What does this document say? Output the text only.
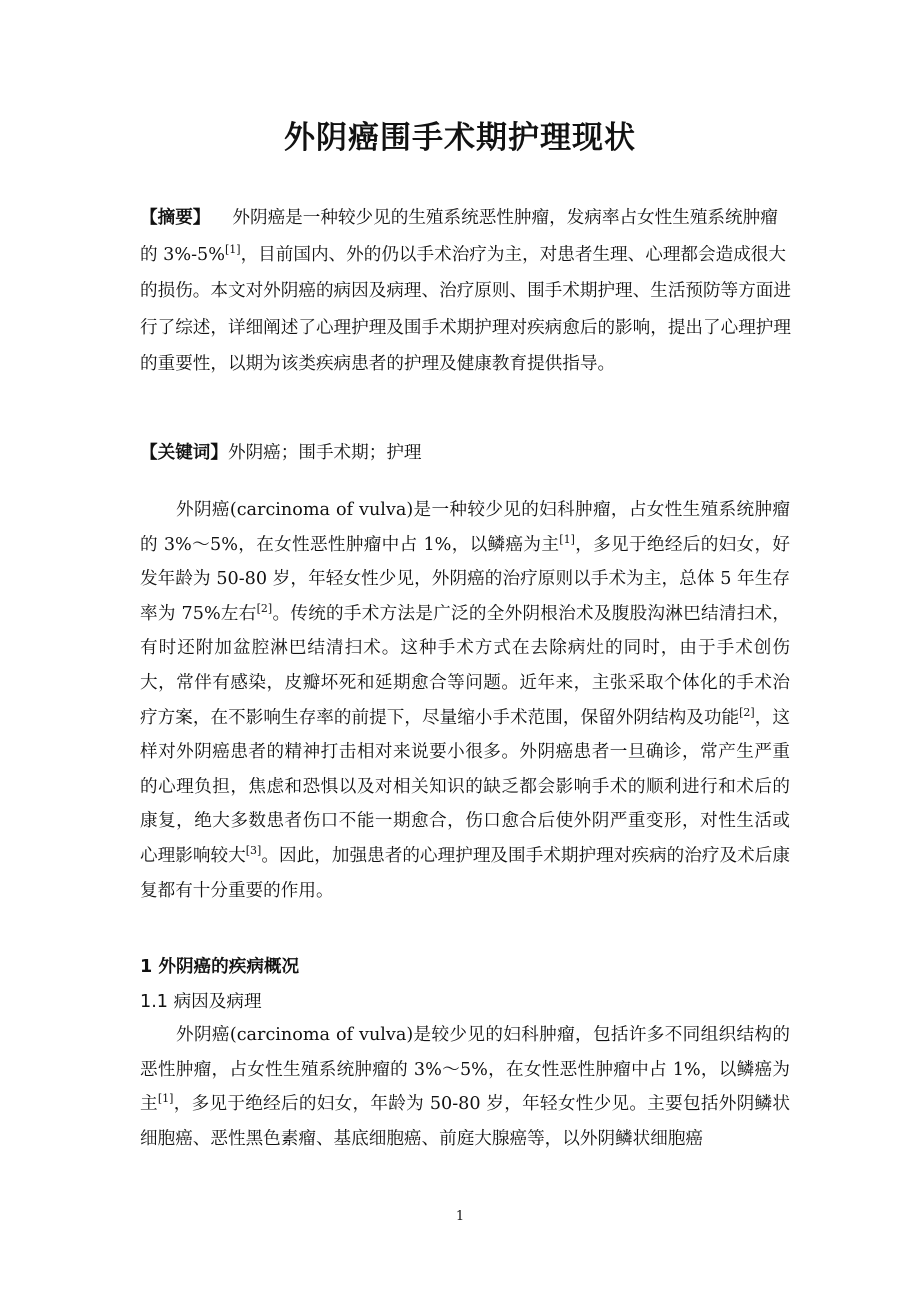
外阴癌围手术期护理现状
【摘要】 外阴癌是一种较少见的生殖系统恶性肿瘤，发病率占女性生殖系统肿瘤的 3%-5%[1]，目前国内、外的仍以手术治疗为主，对患者生理、心理都会造成很大的损伤。本文对外阴癌的病因及病理、治疗原则、围手术期护理、生活预防等方面进行了综述，详细阐述了心理护理及围手术期护理对疾病愈后的影响，提出了心理护理的重要性，以期为该类疾病患者的护理及健康教育提供指导。
【关键词】外阴癌；围手术期；护理
外阴癌(carcinoma of vulva)是一种较少见的妇科肿瘤，占女性生殖系统肿瘤的 3%～5%，在女性恶性肿瘤中占 1%，以鳞癌为主[1]，多见于绝经后的妇女，好发年龄为 50-80 岁，年轻女性少见，外阴癌的治疗原则以手术为主，总体 5 年生存率为 75%左右[2]。传统的手术方法是广泛的全外阴根治术及腹股沟淋巴结清扫术，有时还附加盆腔淋巴结清扫术。这种手术方式在去除病灶的同时，由于手术创伤大，常伴有感染，皮瓣坏死和延期愈合等问题。近年来，主张采取个体化的手术治疗方案，在不影响生存率的前提下，尽量缩小手术范围，保留外阴结构及功能[2]，这样对外阴癌患者的精神打击相对来说要小很多。外阴癌患者一旦确诊，常产生严重的心理负担，焦虑和恐惧以及对相关知识的缺乏都会影响手术的顺利进行和术后的康复，绝大多数患者伤口不能一期愈合，伤口愈合后使外阴严重变形，对性生活或心理影响较大[3]。因此，加强患者的心理护理及围手术期护理对疾病的治疗及术后康复都有十分重要的作用。
1 外阴癌的疾病概况
1.1 病因及病理
外阴癌(carcinoma of vulva)是较少见的妇科肿瘤，包括许多不同组织结构的恶性肿瘤，占女性生殖系统肿瘤的 3%～5%，在女性恶性肿瘤中占 1%，以鳞癌为主[1]，多见于绝经后的妇女，年龄为 50-80 岁，年轻女性少见。主要包括外阴鳞状细胞癌、恶性黑色素瘤、基底细胞癌、前庭大腺癌等，以外阴鳞状细胞癌
1
